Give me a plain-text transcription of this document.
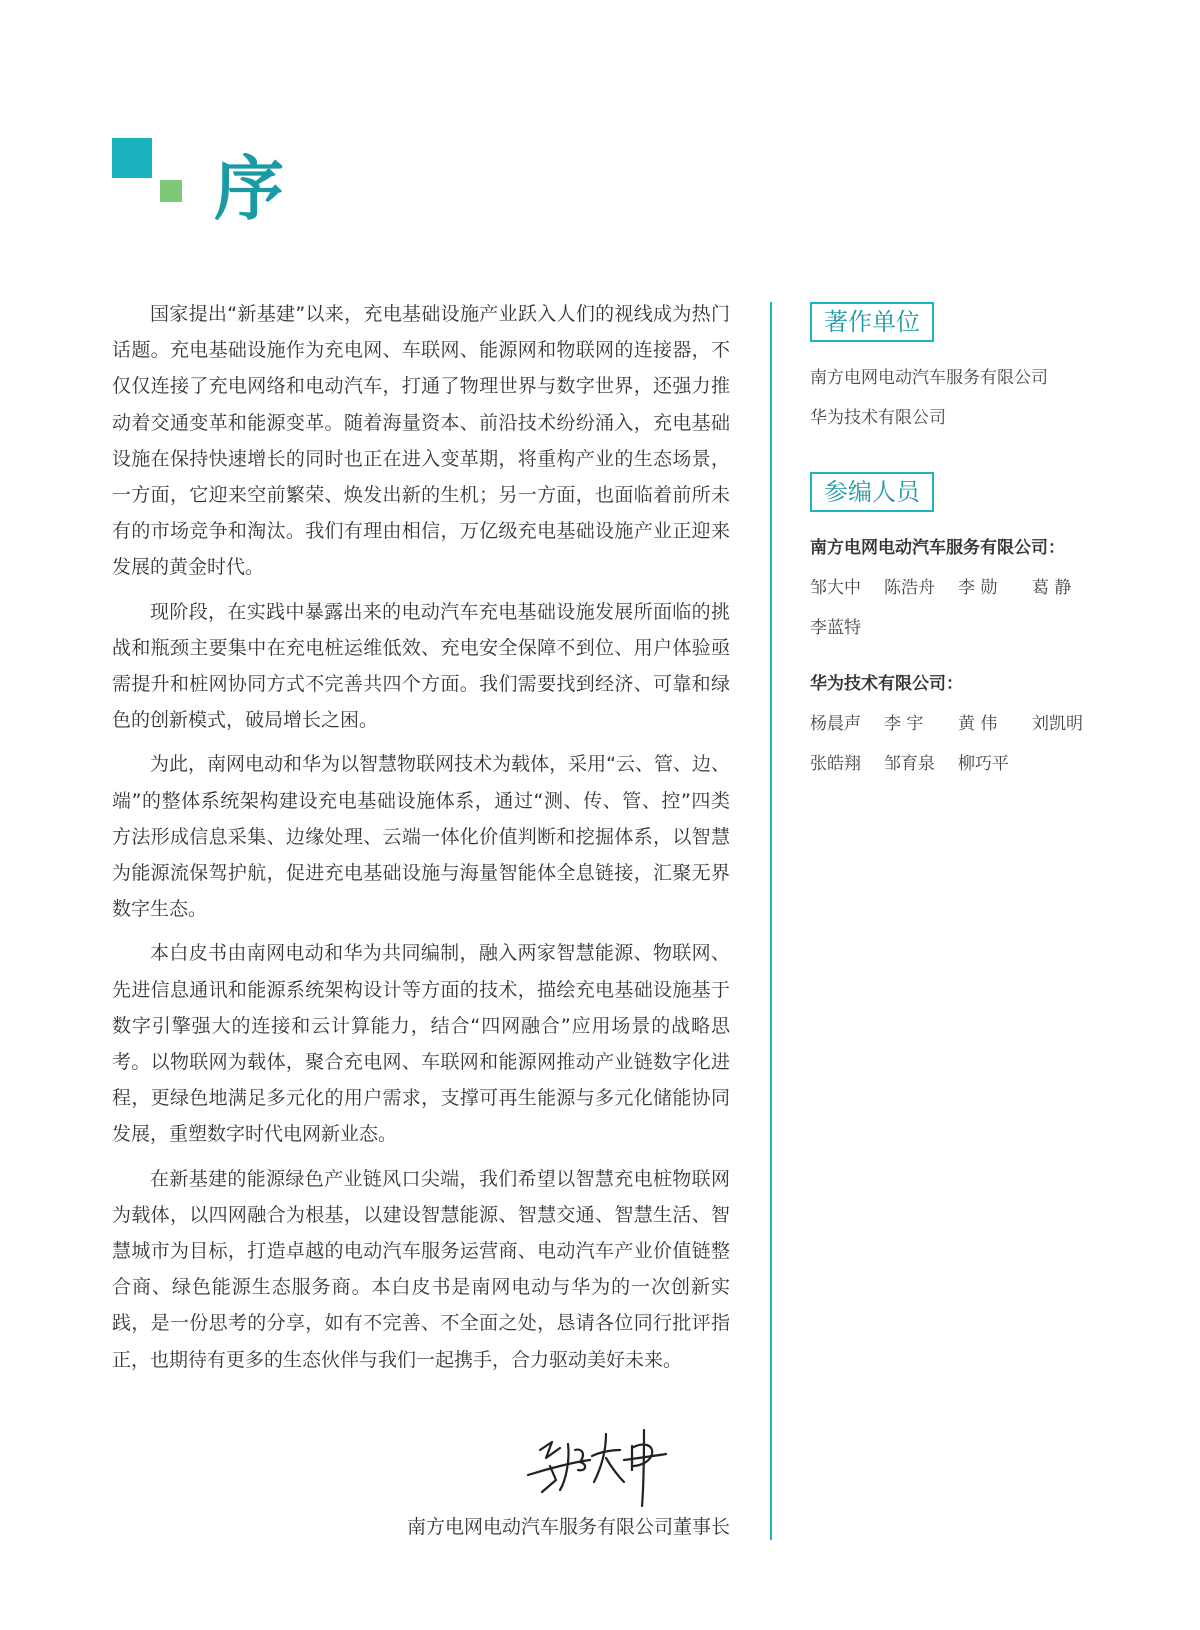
序

国家提出“新基建”以来，充电基础设施产业跃入人们的视线成为热门话题。充电基础设施作为充电网、车联网、能源网和物联网的连接器，不仅仅连接了充电网络和电动汽车，打通了物理世界与数字世界，还强力推动着交通变革和能源变革。随着海量资本、前沿技术纷纷涌入，充电基础设施在保持快速增长的同时也正在进入变革期，将重构产业的生态场景，一方面，它迎来空前繁荣、焕发出新的生机；另一方面，也面临着前所未有的市场竞争和淘汰。我们有理由相信，万亿级充电基础设施产业正迎来发展的黄金时代。

现阶段，在实践中暴露出来的电动汽车充电基础设施发展所面临的挑战和瓶颈主要集中在充电桩运维低效、充电安全保障不到位、用户体验亟需提升和桩网协同方式不完善共四个方面。我们需要找到经济、可靠和绿色的创新模式，破局增长之困。

为此，南网电动和华为以智慧物联网技术为载体，采用“云、管、边、端”的整体系统架构建设充电基础设施体系，通过“测、传、管、控”四类方法形成信息采集、边缘处理、云端一体化价值判断和挖掘体系，以智慧为能源流保驾护航，促进充电基础设施与海量智能体全息链接，汇聚无界数字生态。

本白皮书由南网电动和华为共同编制，融入两家智慧能源、物联网、先进信息通讯和能源系统架构设计等方面的技术，描绘充电基础设施基于数字引擎强大的连接和云计算能力，结合“四网融合”应用场景的战略思考。以物联网为载体，聚合充电网、车联网和能源网推动产业链数字化进程，更绿色地满足多元化的用户需求，支撑可再生能源与多元化储能协同发展，重塑数字时代电网新业态。

在新基建的能源绿色产业链风口尖端，我们希望以智慧充电桩物联网为载体，以四网融合为根基，以建设智慧能源、智慧交通、智慧生活、智慧城市为目标，打造卓越的电动汽车服务运营商、电动汽车产业价值链整合商、绿色能源生态服务商。本白皮书是南网电动与华为的一次创新实践，是一份思考的分享，如有不完善、不全面之处，恳请各位同行批评指正，也期待有更多的生态伙伴与我们一起携手，合力驱动美好未来。

南方电网电动汽车服务有限公司董事长

著作单位
南方电网电动汽车服务有限公司
华为技术有限公司
参编人员

南方电网电动汽车服务有限公司：

邹大中	陈浩舟	李 勋	葛 静
李蓝特

华为技术有限公司：

杨晨声	李 宇	黄 伟	刘凯明
张皓翔	邹育泉	柳巧平
